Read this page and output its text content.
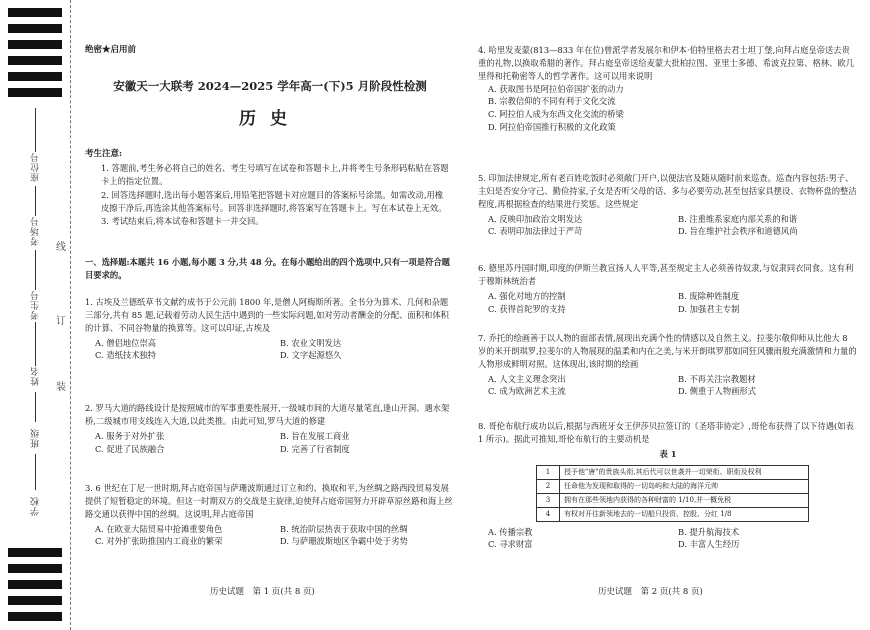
座位号
考场号
考生号
姓名
班级
学校
线
订
装
绝密★启用前
安徽天一大联考 2024—2025 学年高一(下)5 月阶段性检测
历史
考生注意:
1. 答题前,考生务必将自己的姓名、考生号填写在试卷和答题卡上,并将考生号条形码粘贴在答题卡上的指定位置。
2. 回答选择题时,选出每小题答案后,用铅笔把答题卡对应题目的答案标号涂黑。如需改动,用橡皮擦干净后,再选涂其他答案标号。回答非选择题时,将答案写在答题卡上。写在本试卷上无效。
3. 考试结束后,将本试卷和答题卡一并交回。
一、选择题:本题共 16 小题,每小题 3 分,共 48 分。在每小题给出的四个选项中,只有一项是符合题目要求的。
1. 古埃及兰德纸草书文献约成书于公元前 1800 年,是僧人阿梅斯所著。全书分为算术、几何和杂题三部分,共有 85 题,记载着劳动人民生活中遇到的一些实际问题,如对劳动者酬金的分配、面积和体积的计算、不同谷物量的换算等。这可以印证,古埃及
A. 僧侣地位崇高	B. 农业文明发达
C. 造纸技术独特	D. 文字起源悠久
2. 罗马大道的路线设计是按照城市的军事重要性展开,一级城市间的大道尽量笔直,逢山开洞、遇水架桥,二级城市用支线连入大道,以此类推。由此可知,罗马大道的修建
A. 服务于对外扩张	B. 旨在发展工商业
C. 促进了民族融合	D. 完善了行省制度
3. 6 世纪在丁尼一世时期,拜占庭帝国与萨珊波斯通过订立和约、换取和平,为丝绸之路西段贸易发展提供了短暂稳定的环境。但这一时期双方的交战是主旋律,迫使拜占庭帝国努力开辟草原丝路和海上丝路交通以获得中国的丝绸。这说明,拜占庭帝国
A. 在欧亚大陆贸易中抢滩重要角色	B. 统治阶层热衷于获取中国的丝绸
C. 对外扩张助推国内工商业的繁荣	D. 与萨珊波斯地区争霸中处于劣势
历史试题　第 1 页(共 8 页)
4. 哈里发麦蒙(813—833 年在位)曾派学者发展尔和伊本·伯特里格去君士坦丁堡,向拜占庭皇帝送去贵重的礼物,以换取希腊的著作。拜占庭皇帝送给麦蒙大批柏拉图、亚里士多德、希波克拉第、格林、欧几里得和托勒密等人的哲学著作。这可以用来说明
A. 获取图书是阿拉伯帝国扩张的动力
B. 宗教信仰的不同有利于文化交流
C. 阿拉伯人成为东西文化交流的桥梁
D. 阿拉伯帝国推行积极的文化政策
5. 印加法律规定,所有老百姓吃饭时必须敞门开户,以便法官及随从随时前来巡查。巡查内容包括:男子、主妇是否安分守己、勤俭持家,子女是否听父母的话、多与必要劳动,甚至包括家具摆设、衣物杯盘的整洁程度,再根据检查的结果进行奖惩。这些规定
A. 反映印加政治文明发达	B. 注重维系家庭内部关系的和谐
C. 表明印加法律过于严苛	D. 旨在维护社会秩序和道德风尚
6. 德里苏丹国时期,印度的伊斯兰教宣扬人人平等,甚至规定主人必须善待奴隶,与奴隶同衣同食。这有利于穆斯林统治者
A. 强化对地方的控制	B. 废除种姓制度
C. 获得首陀罗的支持	D. 加强君主专制
7. 乔托的绘画善于以人物的面部表情,展现出充满个性的情感以及自然主义。拉斐尔敬仰师从比他大 8 岁的米开朗琪罗,拉斐尔的人物展现的温柔和内在之美,与米开朗琪罗那如同狂风骤雨般充满激情和力量的人物形成鲜明对照。这体现出,该时期的绘画
A. 人文主义理念突出	B. 不再关注宗教题材
C. 成为欧洲艺术主流	D. 侧重于人物画形式
8. 哥伦布航行成功以后,根据与西班牙女王伊莎贝拉签订的《圣塔菲协定》,哥伦布获得了以下待遇(如表 1 所示)。据此可推知,哥伦布航行的主要动机是
表 1
1	授予他"唐"的贵族头衔,其后代可以世袭并一切荣衔、职衔及权利
2	任命他为发现和取得的一切岛屿和大陆的海洋元帅
3	拥有在那些领地内获得的各种财富的 1/10,并一概免税
4	有权对开往新领地去的一切船只投资、控股、分红 1/8
A. 传播宗教	B. 提升航海技术
C. 寻求财富	D. 丰富人生经历
历史试题　第 2 页(共 8 页)
